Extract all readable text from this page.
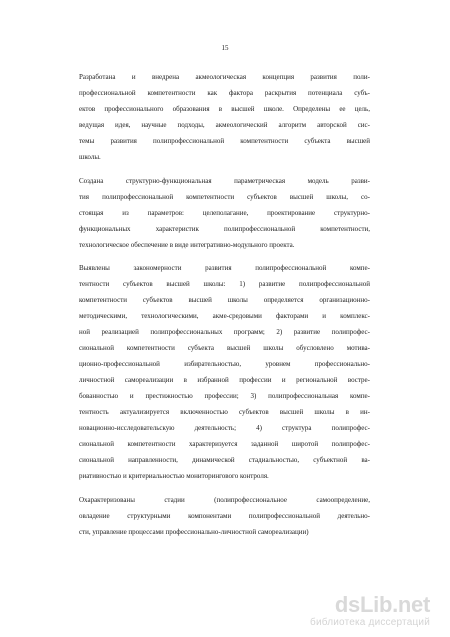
15
Разработана и внедрена акмеологическая концепция развития поли-
профессиональной компетентности как фактора раскрытия потенциала субъ-
ектов профессионального образования в высшей школе. Определены ее цель,
ведущая идея, научные подходы, акмеологический алгоритм авторской сис-
темы развития полипрофессиональной компетентности субъекта высшей
школы.
Создана структурно-функциональная параметрическая модель разви-
тия полипрофессиональной компетентности субъектов высшей школы, со-
стоящая из параметров: целеполагание, проектирование структурно-
функциональных характеристик полипрофессиональной компетентности,
технологическое обеспечение в виде интегративно-модульного проекта.
Выявлены закономерности развития полипрофессиональной компе-
тентности субъектов высшей школы: 1) развитие полипрофессиональной
компетентности субъектов высшей школы определяется организационно-
методическими, технологическими, акме-средовыми факторами и комплекс-
ной реализацией полипрофессиональных программ; 2) развитие полипрофес-
сиональной компетентности субъекта высшей школы обусловлено мотива-
ционно-профессиональной избирательностью, уровнем профессионально-
личностной самореализации в избранной профессии и региональной востре-
бованностью и престижностью профессии; 3) полипрофессиональная компе-
тентность актуализируется включенностью субъектов высшей школы в ин-
новационно-исследовательскую деятельность; 4) структура полипрофес-
сиональной компетентности характеризуется заданной широтой полипрофес-
сиональной направленности, динамической стадиальностью, субъектной ва-
риативностью и критериальностью мониторингового контроля.
Охарактеризованы стадии (полипрофессиональное самоопределение,
овладение структурными компонентами полипрофессиональной деятельно-
сти, управление процессами профессионально-личностной самореализации)
dsLib.net
библиотека диссертаций
